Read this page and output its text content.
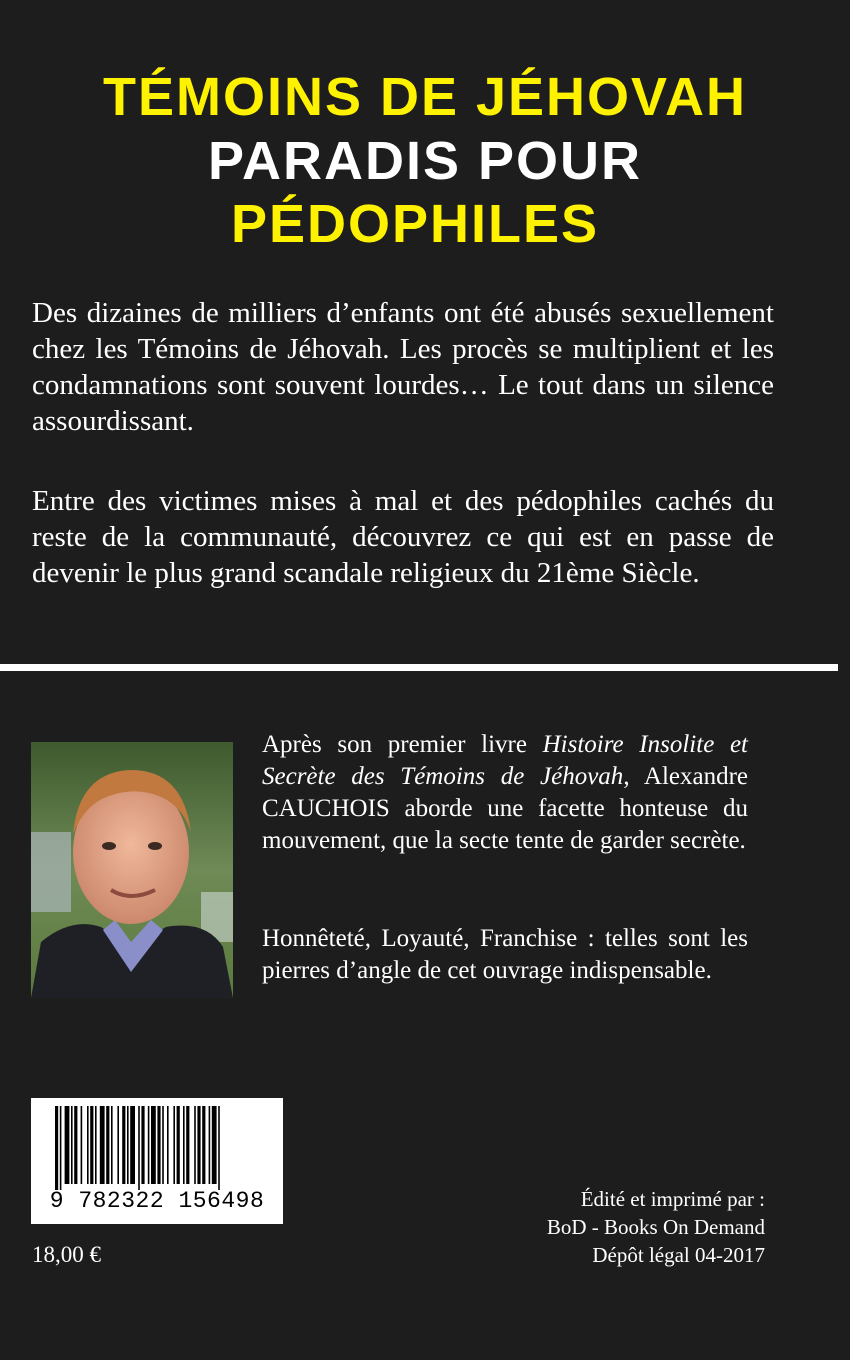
TÉMOINS DE JÉHOVAH
PARADIS POUR
PÉDOPHILES

Des dizaines de milliers d’enfants ont été abusés sexuellement chez les Témoins de Jéhovah. Les procès se multiplient et les condamnations sont souvent lourdes… Le tout dans un silence assourdissant.

Entre des victimes mises à mal et des pédophiles cachés du reste de la communauté, découvrez ce qui est en passe de devenir le plus grand scandale religieux du 21ème Siècle.

Après son premier livre Histoire Insolite et Secrète des Témoins de Jéhovah, Alexandre CAUCHOIS aborde une facette honteuse du mouvement, que la secte tente de garder secrète.

Honnêteté, Loyauté, Franchise : telles sont les pierres d’angle de cet ouvrage indispensable.

9 782322 156498

18,00 €

Édité et imprimé par :
BoD - Books On Demand
Dépôt légal 04-2017
